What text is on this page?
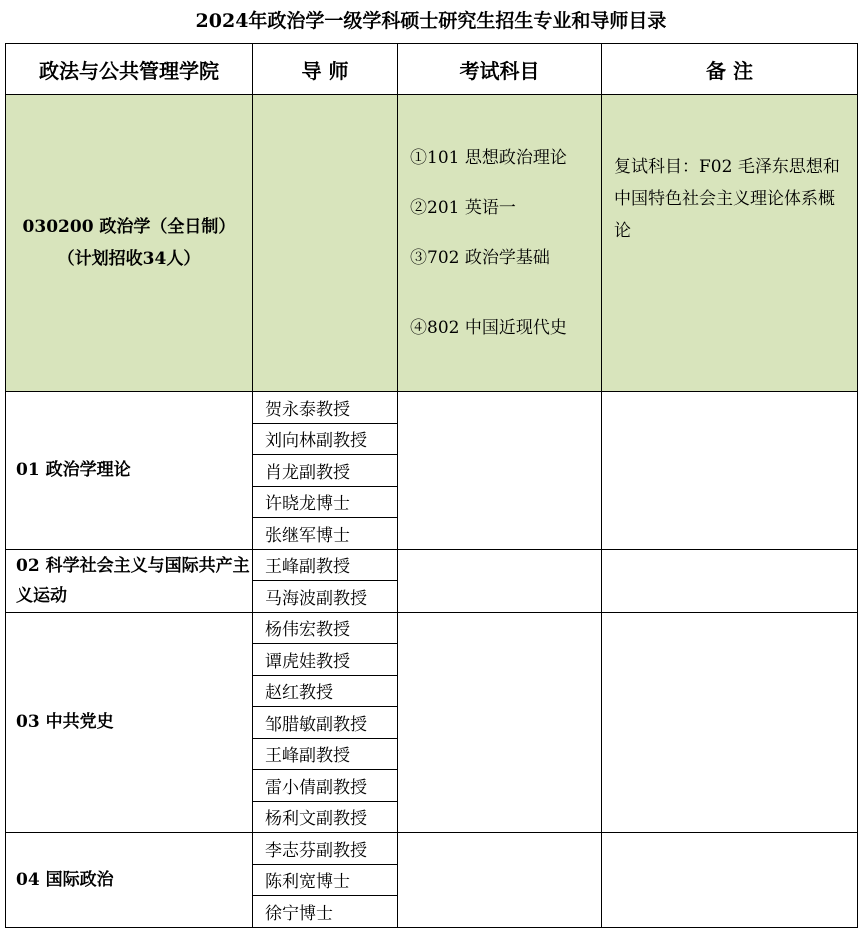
2024年政治学一级学科硕士研究生招生专业和导师目录
政法与公共管理学院	导 师	考试科目	备 注
030200 政治学（全日制）（计划招收34人）		①101 思想政治理论
②201 英语一
③702 政治学基础
④802 中国近现代史	复试科目：F02 毛泽东思想和中国特色社会主义理论体系概论
01 政治学理论	贺永泰教授		
	刘向林副教授		
	肖龙副教授		
	许晓龙博士		
	张继军博士		
02 科学社会主义与国际共产主义运动	王峰副教授		
	马海波副教授		
03 中共党史	杨伟宏教授		
	谭虎娃教授		
	赵红教授		
	邹腊敏副教授		
	王峰副教授		
	雷小倩副教授		
	杨利文副教授		
04 国际政治	李志芬副教授		
	陈利宽博士		
	徐宁博士		
